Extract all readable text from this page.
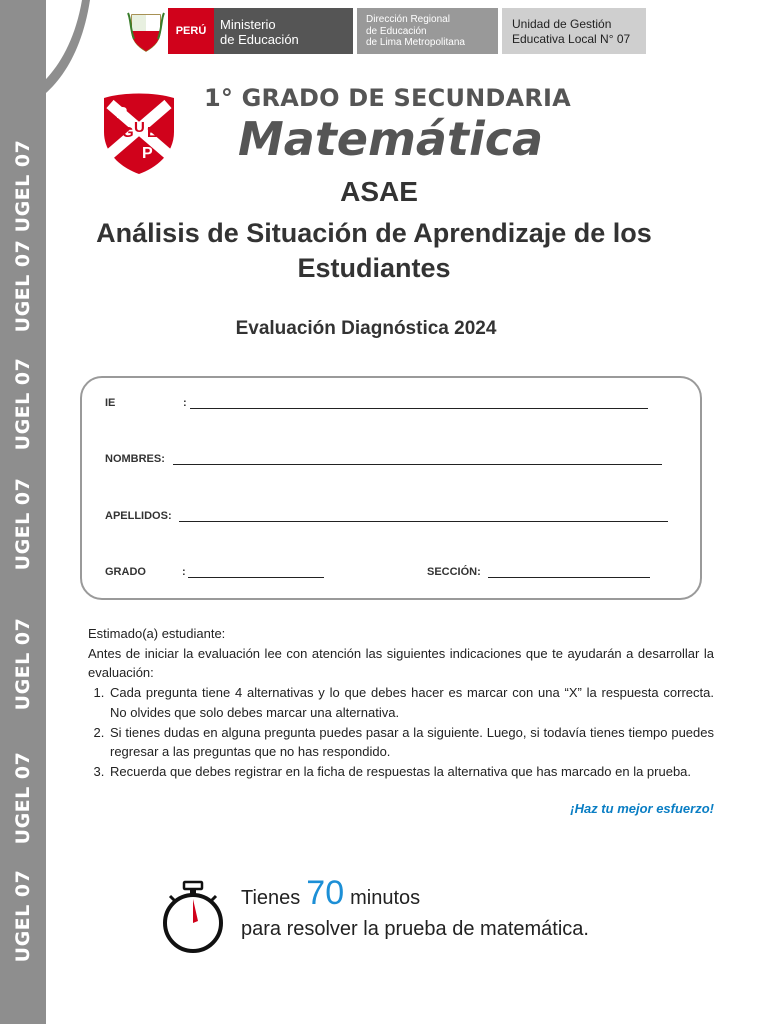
UGEL 07
UGEL 07
UGEL 07
UGEL 07
UGEL 07
UGEL 07
UGEL 07
PERÚ	Ministerio
de Educación
Dirección Regional
de Educación
de Lima Metropolitana
Unidad de Gestión
Educativa Local N° 07
R
G U E
P
1° GRADO DE SECUNDARIA
Matemática
ASAE
Análisis de Situación de Aprendizaje de los Estudiantes
Evaluación Diagnóstica 2024
IE	:
NOMBRES:
APELLIDOS:
GRADO	:	SECCIÓN:

Estimado(a) estudiante:

Antes de iniciar la evaluación lee con atención las siguientes indicaciones que te ayudarán a desarrollar la evaluación:

1. Cada pregunta tiene 4 alternativas y lo que debes hacer es marcar con una “X” la respuesta correcta. No olvides que solo debes marcar una alternativa.
2. Si tienes dudas en alguna pregunta puedes pasar a la siguiente. Luego, si todavía tienes tiempo puedes regresar a las preguntas que no has respondido.
3. Recuerda que debes registrar en la ficha de respuestas la alternativa que has marcado en la prueba.
¡Haz tu mejor esfuerzo!
Tienes 70 minutos
para resolver la prueba de matemática.
